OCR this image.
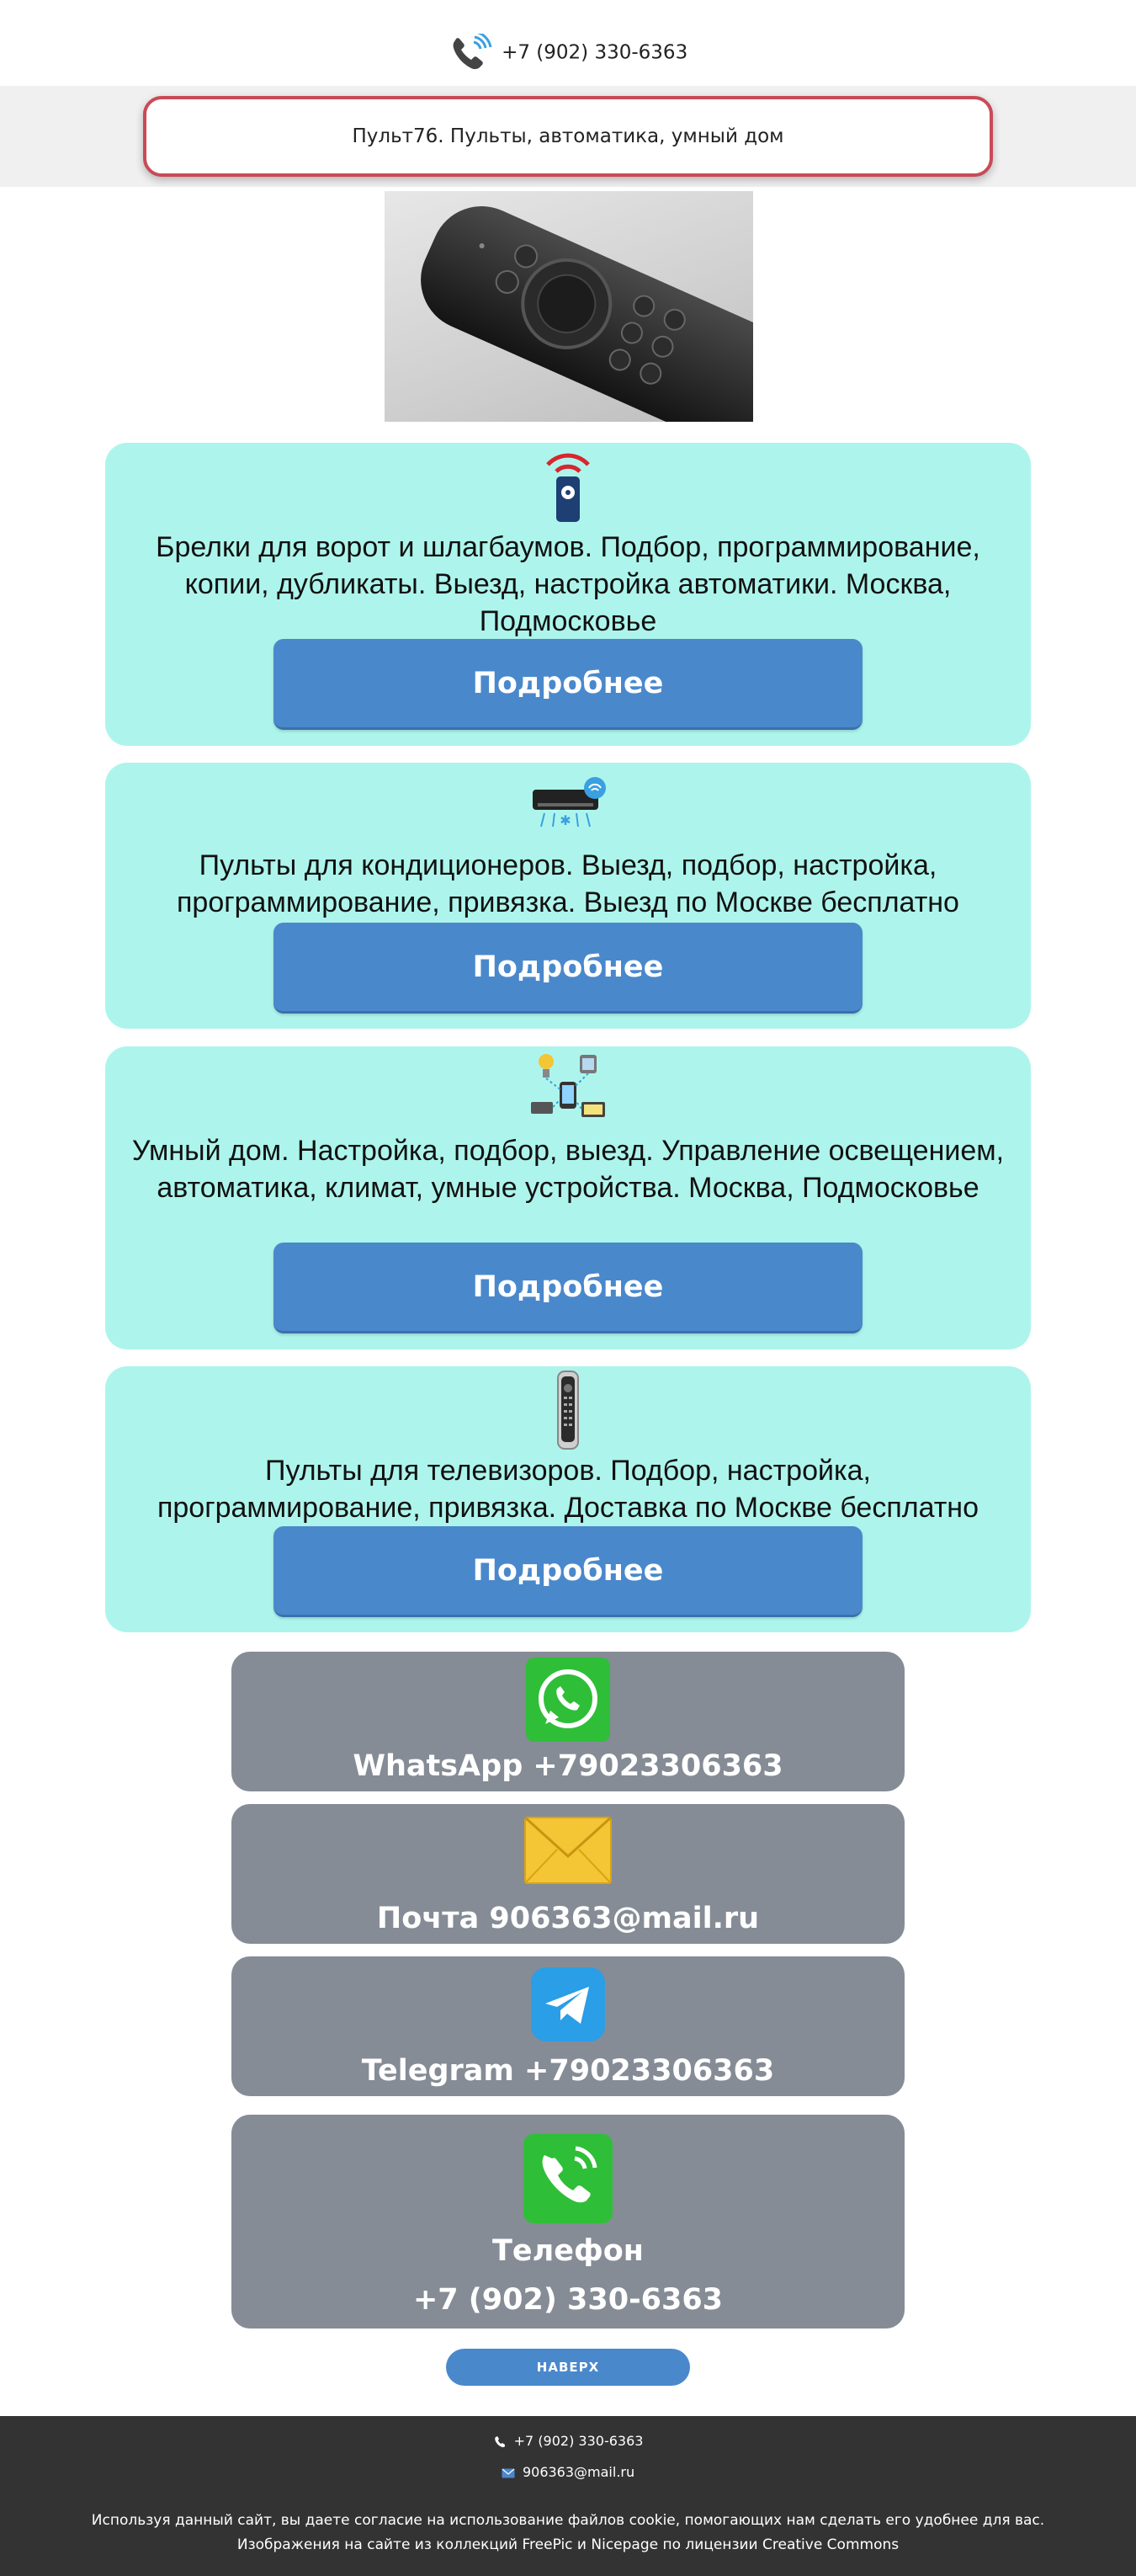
+7 (902) 330-6363
Пульт76. Пульты, автоматика, умный дом
Брелки для ворот и шлагбаумов. Подбор, программирование, копии, дубликаты. Выезд, настройка автоматики. Москва, Подмосковье
Подробнее
✱
Пульты для кондиционеров. Выезд, подбор, настройка, программирование, привязка. Выезд по Москве бесплатно
Подробнее
Умный дом. Настройка, подбор, выезд. Управление освещением, автоматика, климат, умные устройства. Москва, Подмосковье
Подробнее
Пульты для телевизоров. Подбор, настройка, программирование, привязка. Доставка по Москве бесплатно
Подробнее
WhatsApp +79023306363
Почта 906363@mail.ru
Telegram +79023306363
Телефон
+7 (902) 330-6363
НАВЕРХ
+7 (902) 330-6363
906363@mail.ru
Используя данный сайт, вы даете согласие на использование файлов cookie, помогающих нам сделать его удобнее для вас.
Изображения на сайте из коллекций FreePic и Nicepage по лицензии Creative Commons
